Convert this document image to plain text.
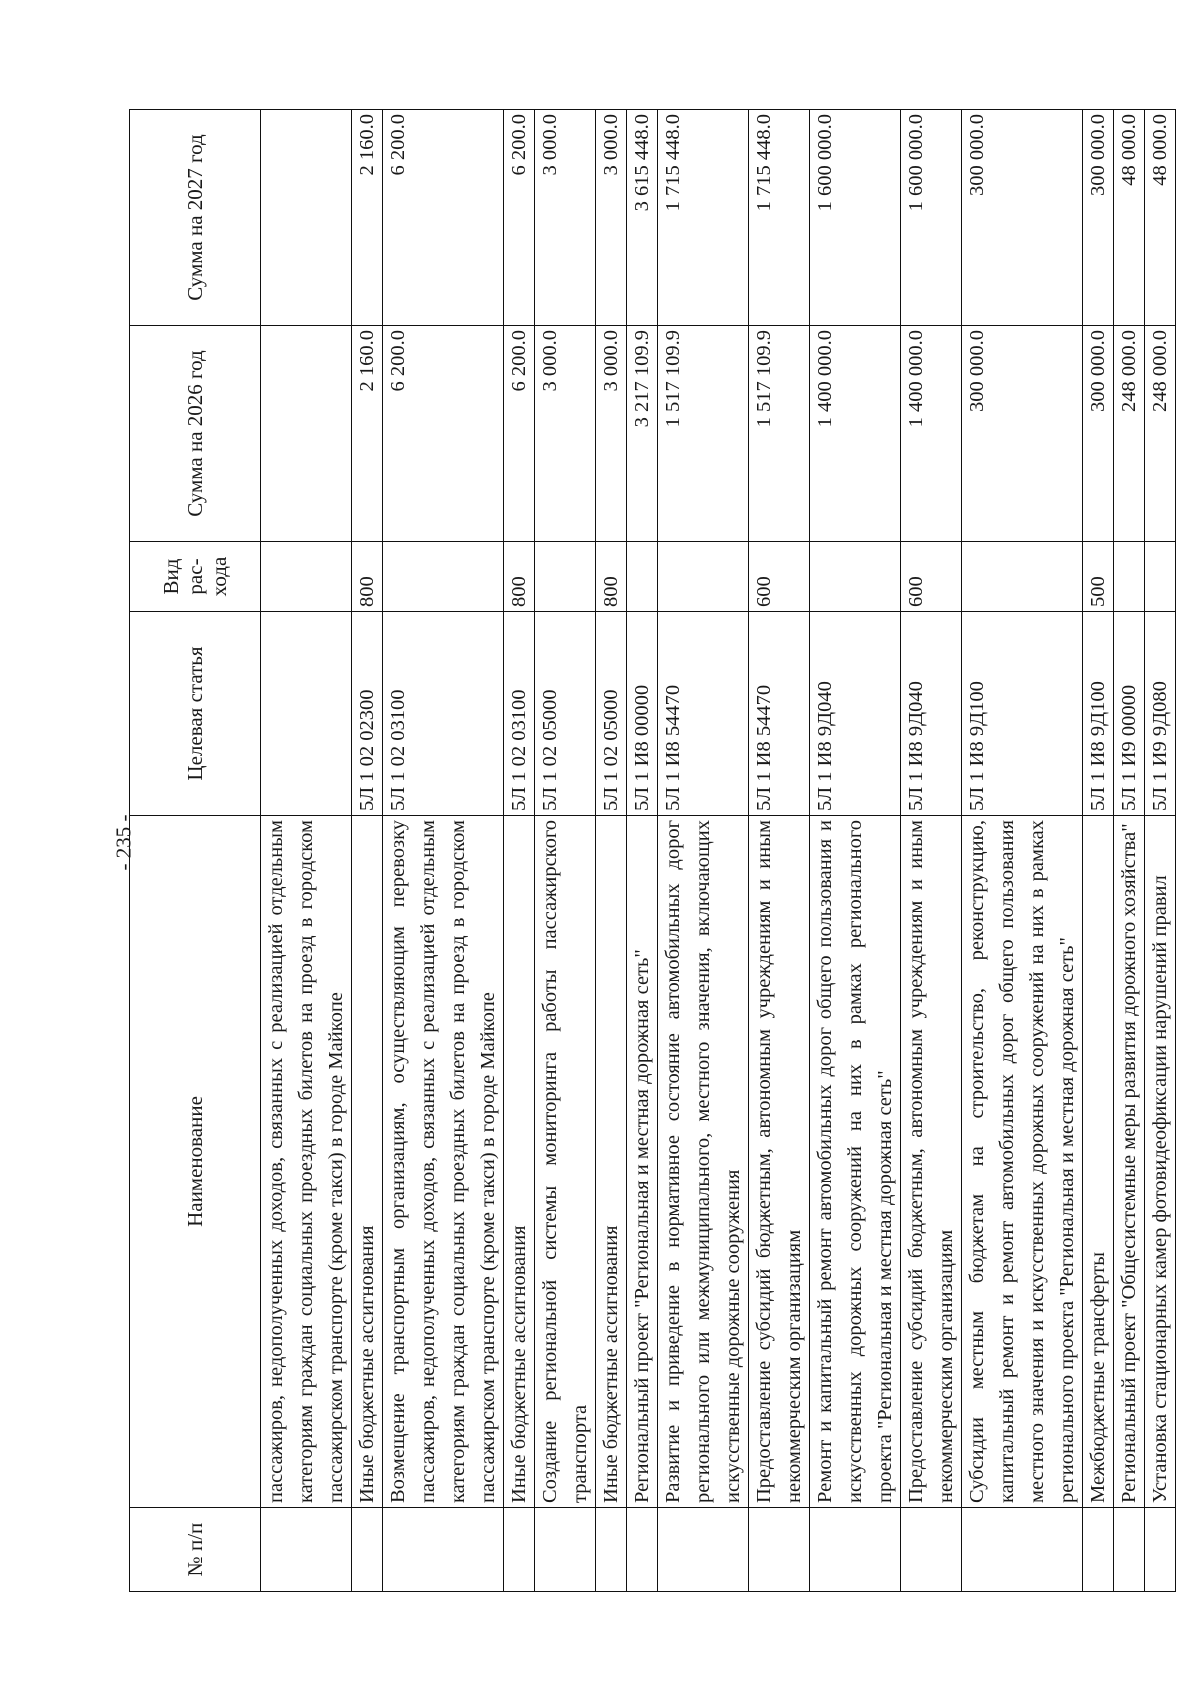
- 235 -
№ п/п	Наименование	Целевая статья	Вид рас- хода	Сумма на 2026 год	Сумма на 2027 год
	пассажиров, недополученных доходов, связанных с реализацией отдельным категориям граждан социальных проездных билетов на проезд в городском пассажирском транспорте (кроме такси) в городе Майкопе				
	Иные бюджетные ассигнования	5Л 1 02 02300	800	2 160.0	2 160.0
	Возмещение транспортным организациям, осуществляющим перевозку пассажиров, недополученных доходов, связанных с реализацией отдельным категориям граждан социальных проездных билетов на проезд в городском пассажирском транспорте (кроме такси) в городе Майкопе	5Л 1 02 03100		6 200.0	6 200.0
	Иные бюджетные ассигнования	5Л 1 02 03100	800	6 200.0	6 200.0
	Создание региональной системы мониторинга работы пассажирского транспорта	5Л 1 02 05000		3 000.0	3 000.0
	Иные бюджетные ассигнования	5Л 1 02 05000	800	3 000.0	3 000.0
	Региональный проект "Региональная и местная дорожная сеть"	5Л 1 И8 00000		3 217 109.9	3 615 448.0
	Развитие и приведение в нормативное состояние автомобильных дорог регионального или межмуниципального, местного значения, включающих искусственные дорожные сооружения	5Л 1 И8 54470		1 517 109.9	1 715 448.0
	Предоставление субсидий бюджетным, автономным учреждениям и иным некоммерческим организациям	5Л 1 И8 54470	600	1 517 109.9	1 715 448.0
	Ремонт и капитальный ремонт автомобильных дорог общего пользования и искусственных дорожных сооружений на них в рамках регионального проекта "Региональная и местная дорожная сеть"	5Л 1 И8 9Д040		1 400 000.0	1 600 000.0
	Предоставление субсидий бюджетным, автономным учреждениям и иным некоммерческим организациям	5Л 1 И8 9Д040	600	1 400 000.0	1 600 000.0
	Субсидии местным бюджетам на строительство, реконструкцию, капитальный ремонт и ремонт автомобильных дорог общего пользования местного значения и искусственных дорожных сооружений на них в рамках регионального проекта "Региональная и местная дорожная сеть"	5Л 1 И8 9Д100		300 000.0	300 000.0
	Межбюджетные трансферты	5Л 1 И8 9Д100	500	300 000.0	300 000.0
	Региональный проект "Общесистемные меры развития дорожного хозяйства"	5Л 1 И9 00000		248 000.0	48 000.0
	Установка стационарных камер фотовидеофиксации нарушений правил	5Л 1 И9 9Д080		248 000.0	48 000.0
